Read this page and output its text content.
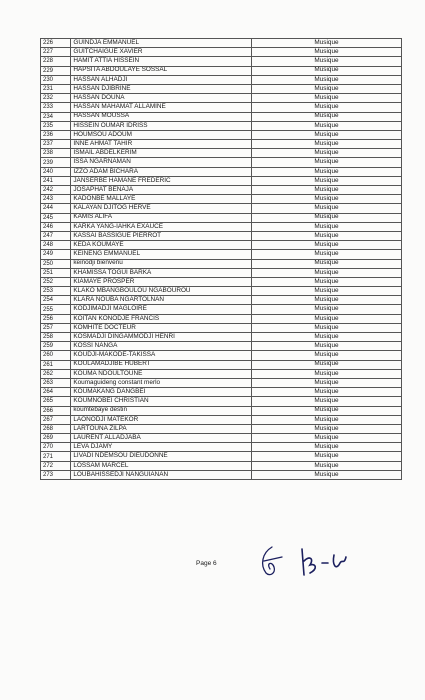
226	GUINDJA EMMANUEL	Musique
227	GUITCHAIGUE XAVIER	Musique
228	HAMIT ATTIA HISSEIN	Musique
229	HAPSITA ABDOULAYE SOSSAL	Musique
230	HASSAN ALHADJI	Musique
231	HASSAN DJIBRINE	Musique
232	HASSAN DOUNA	Musique
233	HASSAN MAHAMAT ALLAMINE	Musique
234	HASSAN MOUSSA	Musique
235	HISSEIN OUMAR IDRISS	Musique
236	HOUMSOU ADOUM	Musique
237	INNE AHMAT TAHIR	Musique
238	ISMAIL ABDELKERIM	Musique
239	ISSA NGARNAMAN	Musique
240	IZZO ADAM BICHARA	Musique
241	JANSERBE HAMANE FREDERIC	Musique
242	JOSAPHAT BENAJA	Musique
243	KADONBE MALLAYE	Musique
244	KALAYAN DJITOG HERVE	Musique
245	KAMIS ALIFA	Musique
246	KARKA YANG-IAHKA EXAUCE	Musique
247	KASSAI BASSIGUE PIERROT	Musique
248	KEDA KOUMAYE	Musique
249	KEINENG EMMANUEL	Musique
250	keinodji bienvenu	Musique
251	KHAMISSA TOGUI BARKA	Musique
252	KIAMAYE PROSPER	Musique
253	KLAKO MBANGBOULOU NGABOUROU	Musique
254	KLARA NOUBA NGARTOLNAN	Musique
255	KODJIMADJI MAGLOIRE	Musique
256	KOITAN KONODJE FRANCIS	Musique
257	KOMHITE DOCTEUR	Musique
258	KOSMADJI DINGAMMODJI HENRI	Musique
259	KOSSI NANGA	Musique
260	KOUDJI-MAKODE-TAKISSA	Musique
261	KOULAMADJIBE HUBERT	Musique
262	KOUMA NDOULTOUNE	Musique
263	Koumaguideng constant merlo	Musique
264	KOUMAKANG DANGBEI	Musique
265	KOUMNOBEI CHRISTIAN	Musique
266	koumtebaye destin	Musique
267	LAONODJI MATEKOR	Musique
268	LARTOUNA ZILPA	Musique
269	LAURENT ALLADJABA	Musique
270	LEVA DJAMY	Musique
271	LIVADI NDEMSOU DIEUDONNE	Musique
272	LOSSAM MARCEL	Musique
273	LOUBAHISSEDJI NANGUIANAN	Musique
Page 6
